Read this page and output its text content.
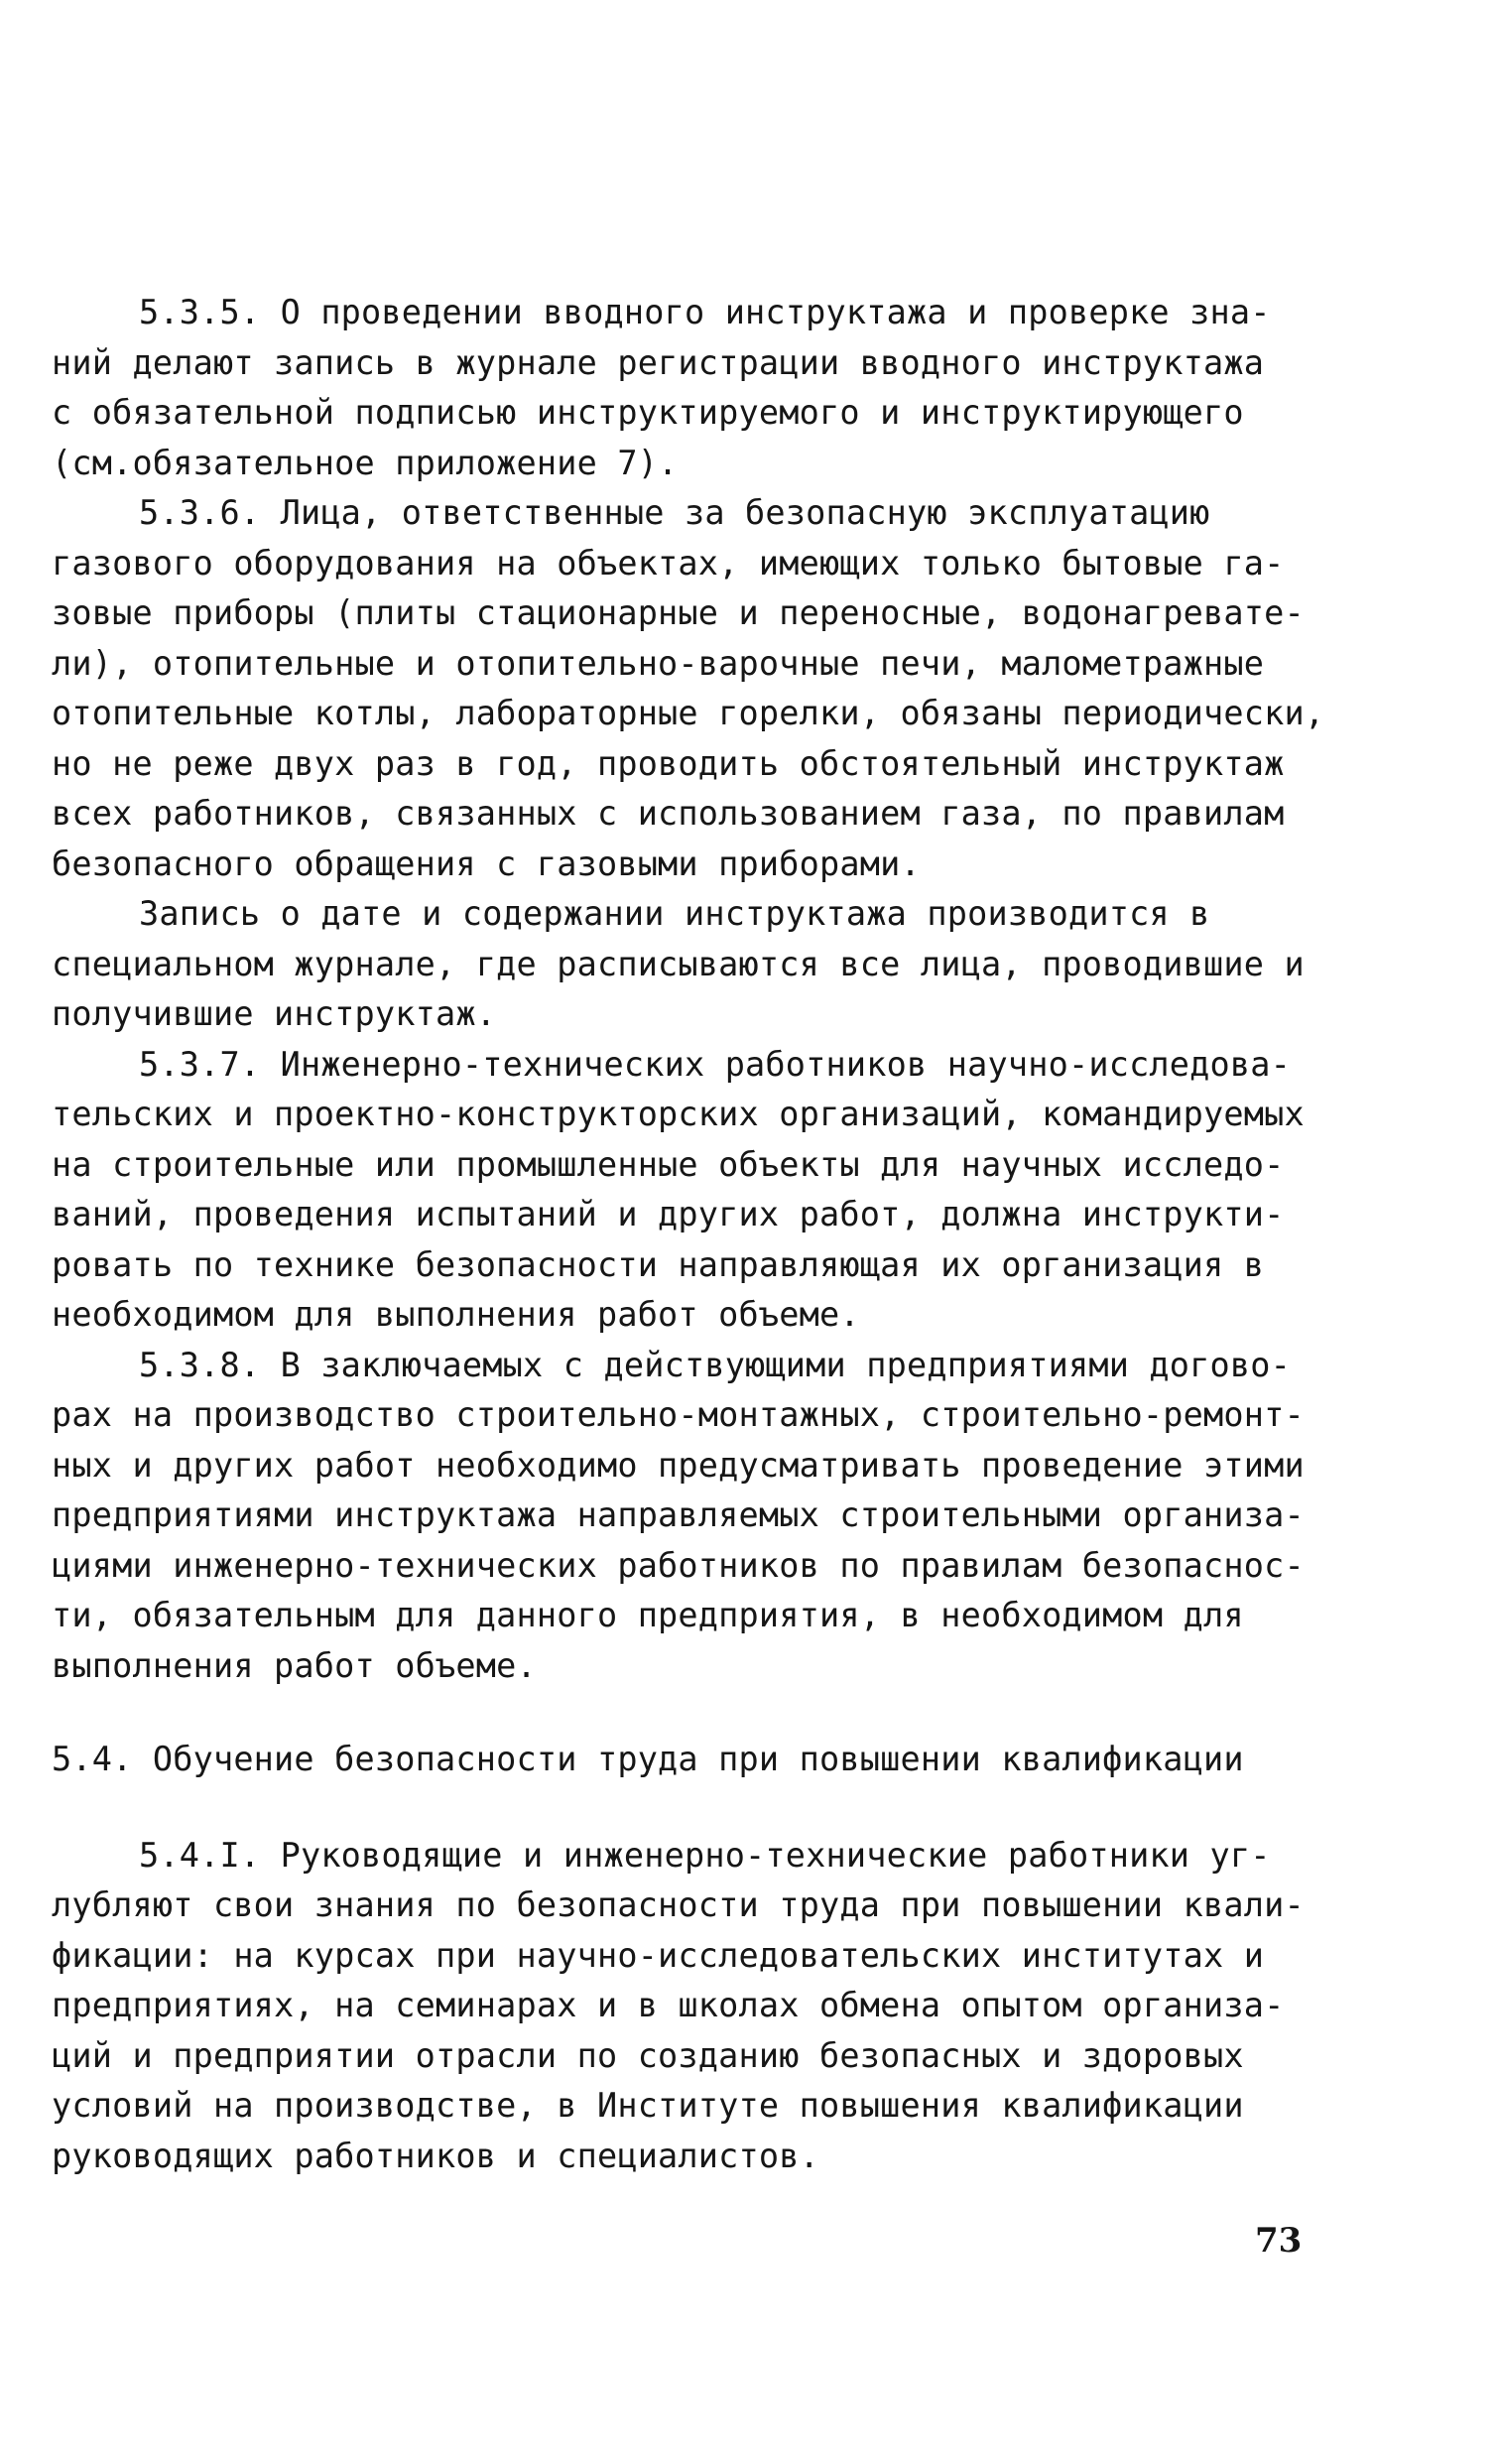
5.3.5. О проведении вводного инструктажа и проверке зна-
ний делают запись в журнале регистрации вводного инструктажа
с обязательной подписью инструктируемого и инструктирующего
(см.обязательное приложение 7).
5.3.6. Лица, ответственные за безопасную эксплуатацию
газового оборудования на объектах, имеющих только бытовые га-
зовые приборы (плиты стационарные и переносные, водонагревате-
ли), отопительные и отопительно-варочные печи, малометражные
отопительные котлы, лабораторные горелки, обязаны периодически,
но не реже двух раз в год, проводить обстоятельный инструктаж
всех работников, связанных с использованием газа, по правилам
безопасного обращения с газовыми приборами.
Запись о дате и содержании инструктажа производится в
специальном журнале, где расписываются все лица, проводившие и
получившие инструктаж.
5.3.7. Инженерно-технических работников научно-исследова-
тельских и проектно-конструкторских организаций, командируемых
на строительные или промышленные объекты для научных исследо-
ваний, проведения испытаний и других работ, должна инструкти-
ровать по технике безопасности направляющая их организация в
необходимом для выполнения работ объеме.
5.3.8. В заключаемых с действующими предприятиями догово-
рах на производство строительно-монтажных, строительно-ремонт-
ных и других работ необходимо предусматривать проведение этими
предприятиями инструктажа направляемых строительными организа-
циями инженерно-технических работников по правилам безопаснос-
ти, обязательным для данного предприятия, в необходимом для
выполнения работ объеме.
5.4. Обучение безопасности труда при повышении квалификации
5.4.I. Руководящие и инженерно-технические работники уг-
лубляют свои знания по безопасности труда при повышении квали-
фикации: на курсах при научно-исследовательских институтах и
предприятиях, на семинарах и в школах обмена опытом организа-
ций и предприятии отрасли по созданию безопасных и здоровых
условий на производстве, в Институте повышения квалификации
руководящих работников и специалистов.
73
